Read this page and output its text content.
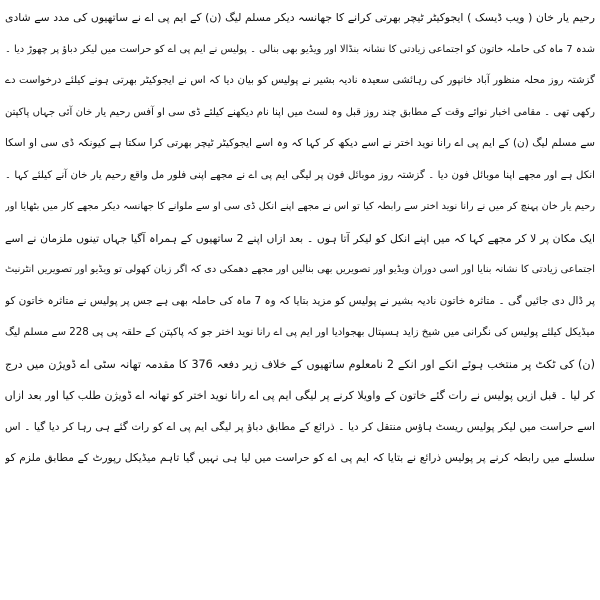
رحیم یار خان ( ویب ڈیسک ) ایجوکیٹر ٹیچر بھرتی کرانے کا جھانسہ دیکر مسلم لیگ (ن) کے ایم پی اے نے ساتھیوں کی مدد سے شادی
شدہ 7 ماہ کی حاملہ خاتون کو اجتماعی زیادتی کا نشانہ بنڈالا اور ویڈیو بھی بنالی ۔ پولیس نے ایم پی اے کو حراست میں لیکر دباؤ پر چھوڑ دیا ۔
گزشتہ روز محلہ منظور آباد خانپور کی رہائشی سعیدہ نادیہ بشیر نے پولیس کو بیان دیا کہ اس نے ایجوکیٹر بھرتی ہونے کیلئے درخواست دے
رکھی تھی ۔ مقامی اخبار نوائے وقت کے مطابق چند روز قبل وہ لسٹ میں اپنا نام دیکھنے کیلئے ڈی سی او آفس رحیم یار خان آئی جہاں پاکپتن
سے مسلم لیگ (ن) کے ایم پی اے رانا نوید اختر نے اسے دیکھ کر کہا کہ وہ اسے ایجوکیٹر ٹیچر بھرتی کرا سکتا ہے کیونکہ ڈی سی او اسکا
انکل ہے اور مجھے اپنا موبائل فون دیا ۔ گزشتہ روز موبائل فون پر لیگی ایم پی اے نے مجھے اپنی فلور مل واقع رحیم یار خان آنے کیلئے کہا ۔
رحیم یار خان پہنچ کر میں نے رانا نوید اختر سے رابطہ کیا تو اس نے مجھے اپنے انکل ڈی سی او سے ملوانے کا جھانسہ دیکر مجھے کار میں بٹھایا اور
ایک مکان پر لا کر مجھے کہا کہ میں اپنے انکل کو لیکر آتا ہوں ۔ بعد ازاں اپنے 2 ساتھیوں کے ہمراہ آگیا جہاں تینوں ملزمان نے اسے
اجتماعی زیادتی کا نشانہ بنایا اور اسی دوران ویڈیو اور تصویریں بھی بنالیں اور مجھے دھمکی دی کہ اگر زبان کھولی تو ویڈیو اور تصویریں انٹرنیٹ
پر ڈال دی جائیں گی ۔ متاثرہ خاتون نادیہ بشیر نے پولیس کو مزید بتایا کہ وہ 7 ماہ کی حاملہ بھی ہے جس پر پولیس نے متاثرہ خاتون کو
میڈیکل کیلئے پولیس کی نگرانی میں شیخ زاید ہسپتال بھجوادیا اور ایم پی اے رانا نوید اختر جو کہ پاکپتن کے حلقہ پی پی 228 سے مسلم لیگ
(ن) کی ٹکٹ پر منتخب ہوئے انکے اور انکے 2 نامعلوم ساتھیوں کے خلاف زیر دفعہ 376 کا مقدمہ تھانہ سٹی اے ڈویژن میں درج
کر لیا ۔ قبل ازیں پولیس نے رات گئے خاتون کے واویلا کرنے پر لیگی ایم پی اے رانا نوید اختر کو تھانہ اے ڈویژن طلب کیا اور بعد ازاں
اسے حراست میں لیکر پولیس ریسٹ ہاؤس منتقل کر دیا ۔ ذرائع کے مطابق دباؤ پر لیگی ایم پی اے کو رات گئے ہی رہا کر دیا گیا ۔ اس
سلسلے میں رابطہ کرنے پر پولیس ذرائع نے بتایا کہ ایم پی اے کو حراست میں لیا ہی نہیں گیا تاہم میڈیکل رپورٹ کے مطابق ملزم کو
